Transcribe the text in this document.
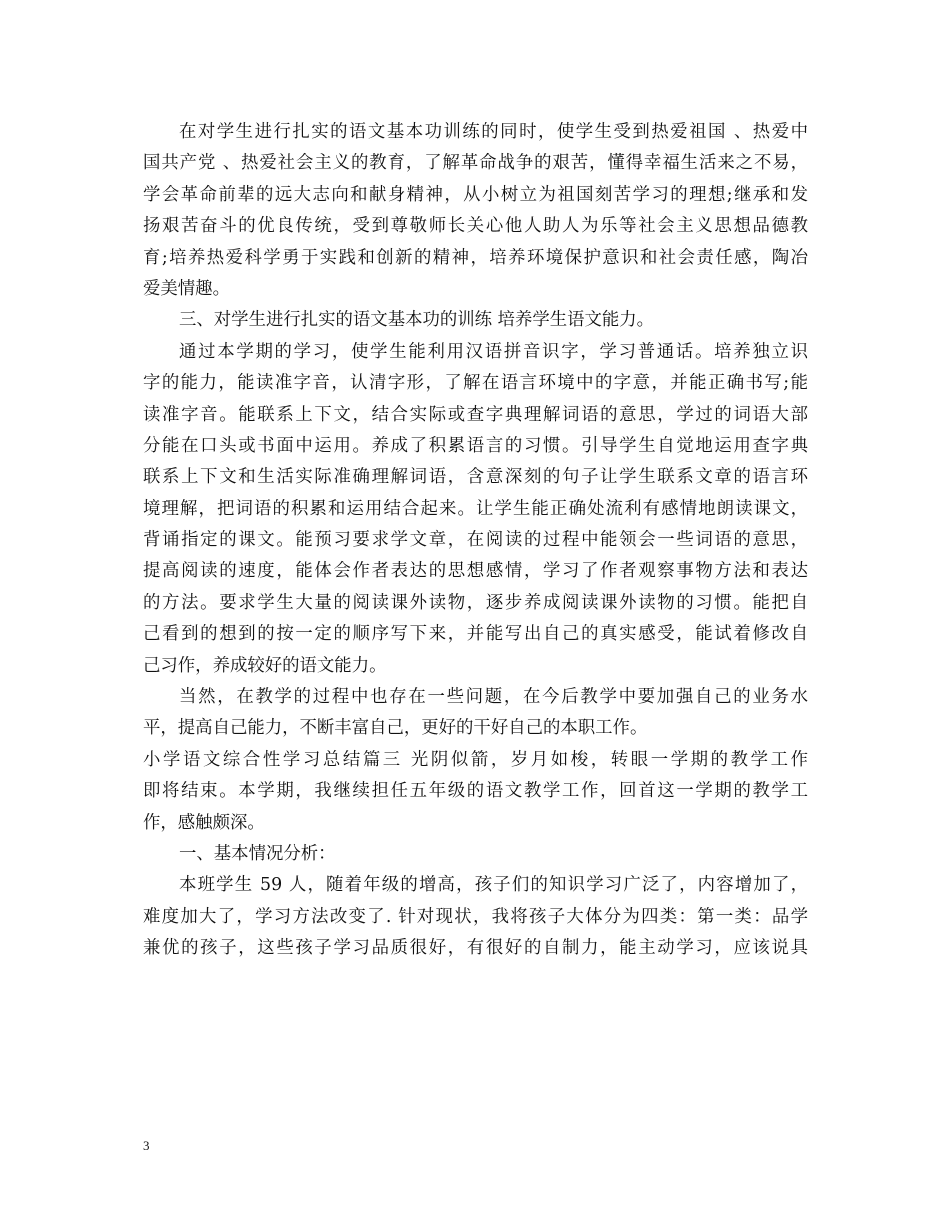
在对学生进行扎实的语文基本功训练的同时，使学生受到热爱祖国 、热爱中
国共产党 、热爱社会主义的教育，了解革命战争的艰苦，懂得幸福生活来之不易，
学会革命前辈的远大志向和献身精神，从小树立为祖国刻苦学习的理想;继承和发
扬艰苦奋斗的优良传统，受到尊敬师长关心他人助人为乐等社会主义思想品德教
育;培养热爱科学勇于实践和创新的精神，培养环境保护意识和社会责任感，陶冶
爱美情趣。
三、对学生进行扎实的语文基本功的训练 培养学生语文能力。
通过本学期的学习，使学生能利用汉语拼音识字，学习普通话。培养独立识
字的能力，能读准字音，认清字形，了解在语言环境中的字意，并能正确书写;能
读准字音。能联系上下文，结合实际或查字典理解词语的意思，学过的词语大部
分能在口头或书面中运用。养成了积累语言的习惯。引导学生自觉地运用查字典
联系上下文和生活实际准确理解词语，含意深刻的句子让学生联系文章的语言环
境理解，把词语的积累和运用结合起来。让学生能正确处流利有感情地朗读课文，
背诵指定的课文。能预习要求学文章，在阅读的过程中能领会一些词语的意思，
提高阅读的速度，能体会作者表达的思想感情，学习了作者观察事物方法和表达
的方法。要求学生大量的阅读课外读物，逐步养成阅读课外读物的习惯。能把自
己看到的想到的按一定的顺序写下来，并能写出自己的真实感受，能试着修改自
己习作，养成较好的语文能力。
当然，在教学的过程中也存在一些问题，在今后教学中要加强自己的业务水
平，提高自己能力，不断丰富自己，更好的干好自己的本职工作。
小学语文综合性学习总结篇三 光阴似箭，岁月如梭，转眼一学期的教学工作
即将结束。本学期，我继续担任五年级的语文教学工作，回首这一学期的教学工
作，感触颇深。
一、基本情况分析：
本班学生 59 人，随着年级的增高，孩子们的知识学习广泛了，内容增加了，
难度加大了，学习方法改变了. 针对现状，我将孩子大体分为四类：第一类：品学
兼优的孩子，这些孩子学习品质很好，有很好的自制力，能主动学习，应该说具
3
